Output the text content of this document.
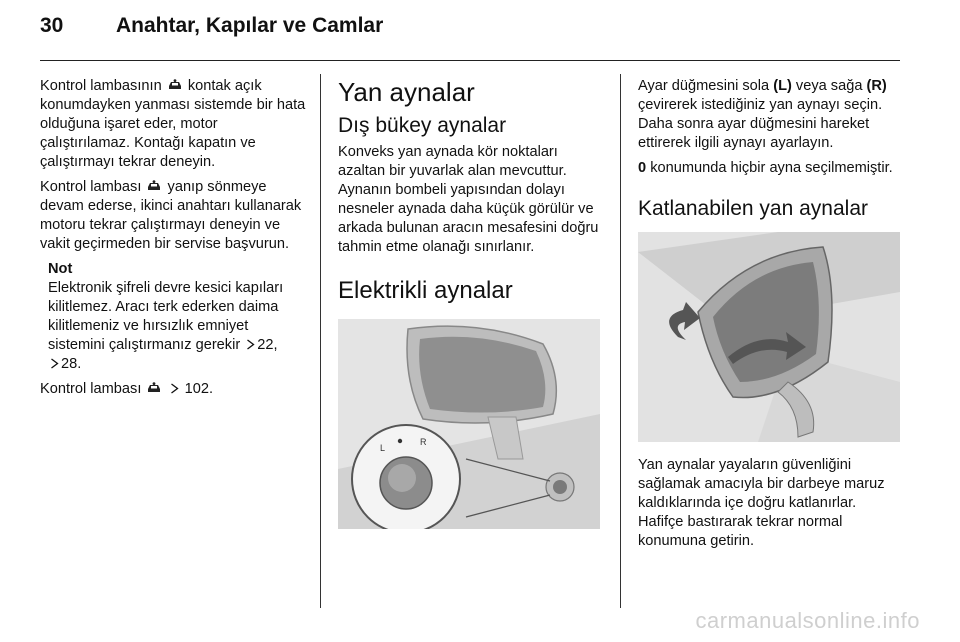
30	Anahtar, Kapılar ve Camlar

Kontrol lambasının kontak açık konumdayken yanması sistemde bir hata olduğuna işaret eder, motor çalıştırılamaz. Kontağı kapatın ve çalıştırmayı tekrar deneyin.

Kontrol lambası yanıp sönmeye devam ederse, ikinci anahtarı kullanarak motoru tekrar çalıştırmayı deneyin ve vakit geçirmeden bir servise başvurun.

Not
Elektronik şifreli devre kesici kapıları kilitlemez. Aracı terk ederken daima kilitlemeniz ve hırsızlık emniyet sistemini çalıştırmanız gerekir 22,
28.

Kontrol lambası	102.

Yan aynalar
Dış bükey aynalar

Konveks yan aynada kör noktaları azaltan bir yuvarlak alan mevcuttur. Aynanın bombeli yapısından dolayı nesneler aynada daha küçük görülür ve arkada bulunan aracın mesafesini doğru tahmin etme olanağı sınırlanır.

Elektrikli aynalar
L
R

Ayar düğmesini sola (L) veya sağa (R) çevirerek istediğiniz yan aynayı seçin. Daha sonra ayar düğmesini hareket ettirerek ilgili aynayı ayarlayın.

0 konumunda hiçbir ayna seçilmemiştir.

Katlanabilen yan aynalar

Yan aynalar yayaların güvenliğini sağlamak amacıyla bir darbeye maruz kaldıklarında içe doğru katlanırlar. Hafifçe bastırarak tekrar normal konumuna getirin.

carmanualsonline.info
